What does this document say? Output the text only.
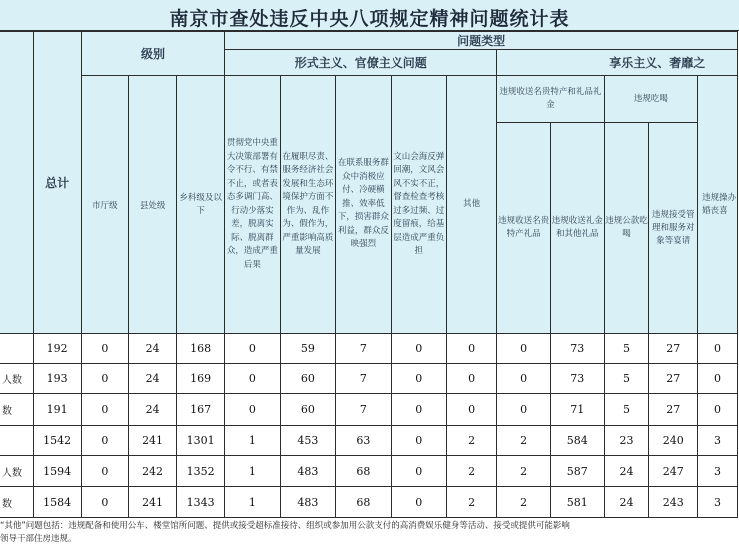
南京市查处违反中央八项规定精神问题统计表
	总计	级别			问题类型									
					形式主义、官僚主义问题					享乐主义、奢靡之				

		市厅级	县处级	乡科级及以下	贯彻党中央重大决策部署有令不行、有禁不止，或者表态多调门高、行动少落实差，脱离实际、脱离群众，造成严重后果	在履职尽责、服务经济社会发展和生态环境保护方面不作为、乱作为、假作为，严重影响高质量发展	在联系服务群众中消极应付、冷硬横推、效率低下，损害群众利益，群众反映强烈	文山会海反弹回潮，文风会风不实不正，督查检查考核过多过频、过度留痕，给基层造成严重负担	其他	违规收送名贵特产和礼品礼金		违规吃喝		违规操办婚丧喜
										违规收送名贵特产礼品	违规收送礼金和其他礼品	违规公款吃喝	违规接受管理和服务对象等宴请	
	192	0	24	168	0	59	7	0	0	0	73	5	27	0
人数	193	0	24	169	0	60	7	0	0	0	73	5	27	0
数	191	0	24	167	0	60	7	0	0	0	71	5	27	0
	1542	0	241	1301	1	453	63	0	2	2	584	23	240	3
人数	1594	0	242	1352	1	483	68	0	2	2	587	24	247	3
数	1584	0	241	1343	1	483	68	0	2	2	581	24	243	3
“其他”问题包括：违规配备和使用公车、楼堂馆所问题、提供或接受超标准接待、组织或参加用公款支付的高消费娱乐健身等活动、接受或提供可能影响
领导干部住房违规。
